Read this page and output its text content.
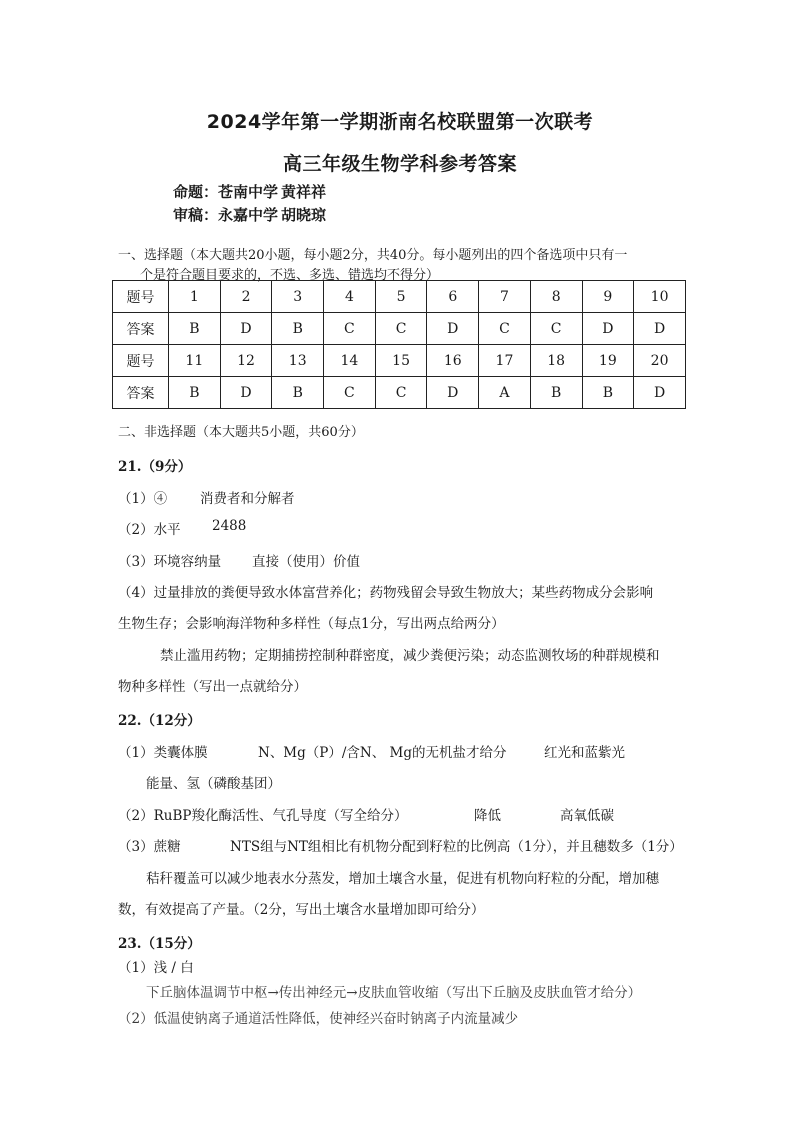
2024学年第一学期浙南名校联盟第一次联考
高三年级生物学科参考答案
命题：苍南中学 黄祥祥
审稿：永嘉中学 胡晓琼
一、选择题（本大题共20小题，每小题2分，共40分。每小题列出的四个备选项中只有一
个是符合题目要求的，不选、多选、错选均不得分）
题号	1	2	3	4	5	6	7	8	9	10
答案	B	D	B	C	C	D	C	C	D	D
题号	11	12	13	14	15	16	17	18	19	20
答案	B	D	B	C	C	D	A	B	B	D
二、非选择题（本大题共5小题，共60分）
21.（9分）
（1）④ 消费者和分解者
（2）水平 2488
（3）环境容纳量 直接（使用）价值
（4）过量排放的粪便导致水体富营养化；药物残留会导致生物放大；某些药物成分会影响
生物生存；会影响海洋物种多样性（每点1分，写出两点给两分）
禁止滥用药物；定期捕捞控制种群密度，减少粪便污染；动态监测牧场的种群规模和
物种多样性（写出一点就给分）
22.（12分）
（1）类囊体膜	N、Mg（P）/含N、 Mg的无机盐才给分	红光和蓝紫光
能量、氢（磷酸基团）
（2）RuBP羧化酶活性、气孔导度（写全给分）	降低	高氧低碳
（3）蔗糖	NTS组与NT组相比有机物分配到籽粒的比例高（1分），并且穗数多（1分）
秸秆覆盖可以减少地表水分蒸发，增加土壤含水量，促进有机物向籽粒的分配，增加穗
数，有效提高了产量。（2分，写出土壤含水量增加即可给分）
23.（15分）
（1）浅 / 白
下丘脑体温调节中枢→传出神经元→皮肤血管收缩（写出下丘脑及皮肤血管才给分）
（2）低温使钠离子通道活性降低，使神经兴奋时钠离子内流量减少
